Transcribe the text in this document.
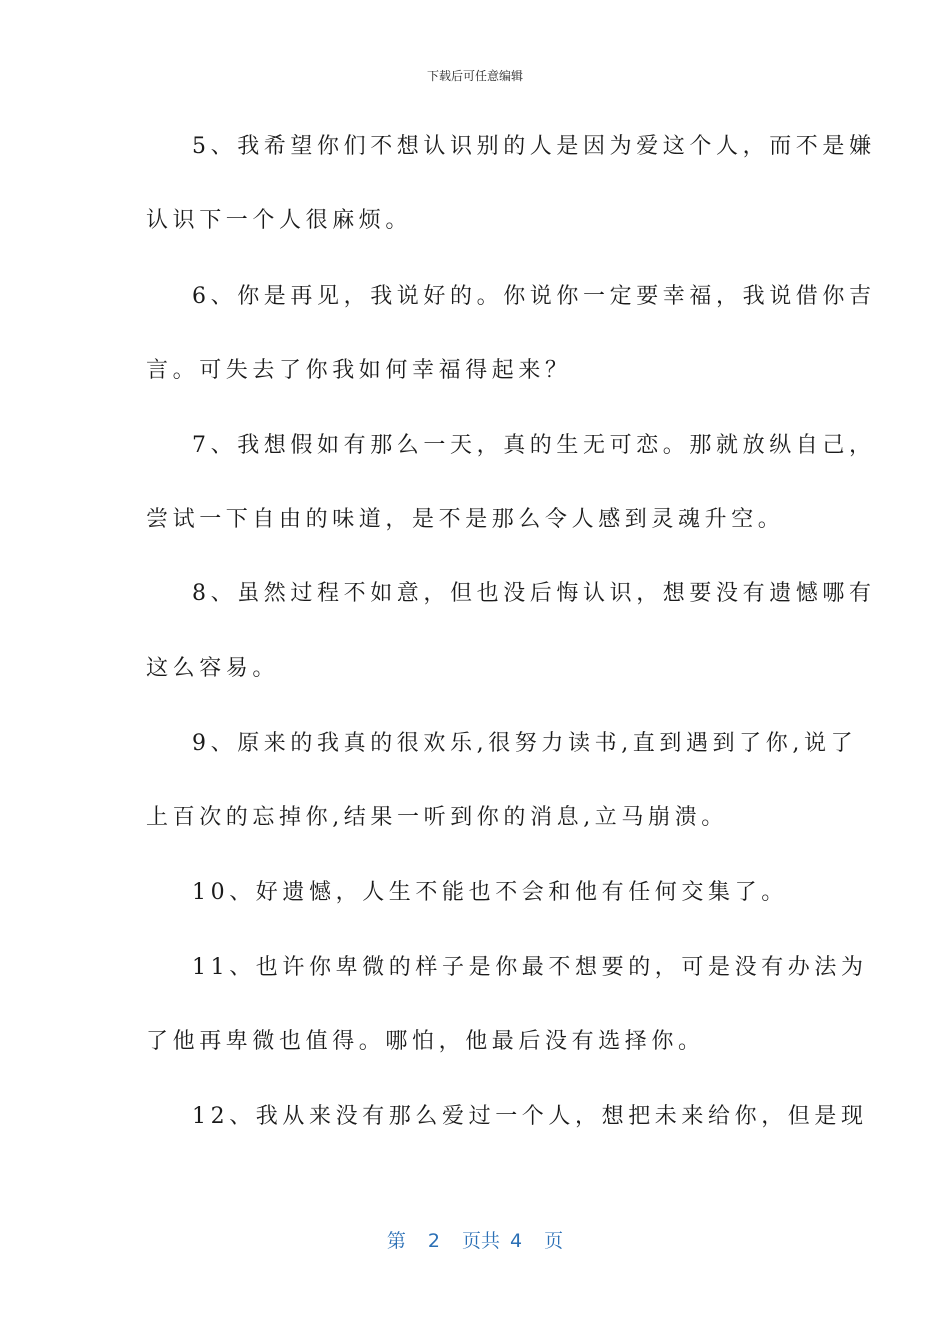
下载后可任意编辑
5、我希望你们不想认识别的人是因为爱这个人，而不是嫌
认识下一个人很麻烦。
6、你是再见，我说好的。你说你一定要幸福，我说借你吉
言。可失去了你我如何幸福得起来？
7、我想假如有那么一天，真的生无可恋。那就放纵自己，
尝试一下自由的味道，是不是那么令人感到灵魂升空。
8、虽然过程不如意，但也没后悔认识，想要没有遗憾哪有
这么容易。
9、原来的我真的很欢乐,很努力读书,直到遇到了你,说了
上百次的忘掉你,结果一听到你的消息,立马崩溃。
10、好遗憾，人生不能也不会和他有任何交集了。
11、也许你卑微的样子是你最不想要的，可是没有办法为
了他再卑微也值得。哪怕，他最后没有选择你。
12、我从来没有那么爱过一个人，想把未来给你，但是现
第 2 页共 4 页
